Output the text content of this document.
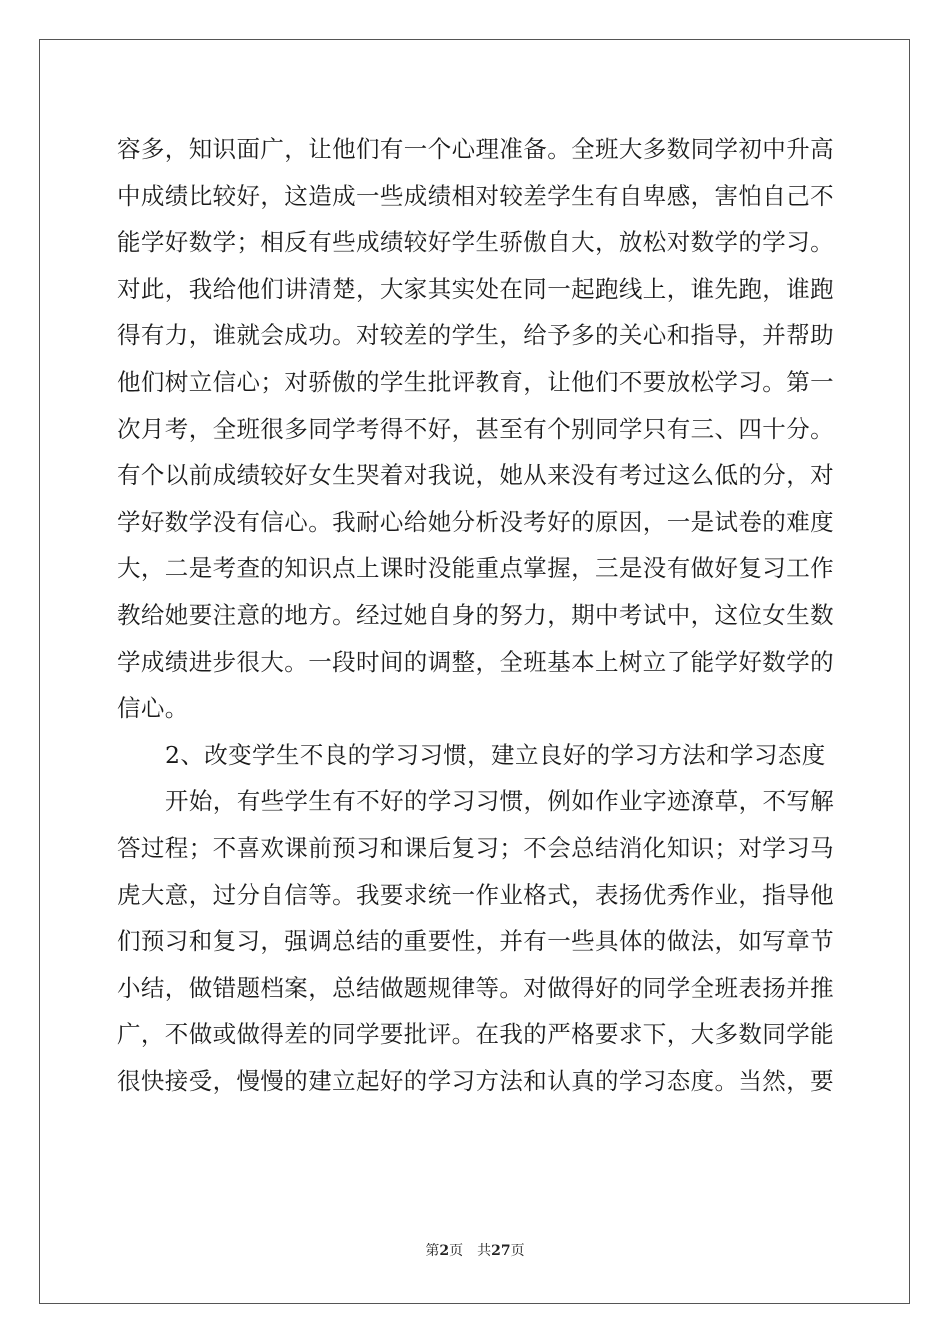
容多，知识面广，让他们有一个心理准备。全班大多数同学初中升高
中成绩比较好，这造成一些成绩相对较差学生有自卑感，害怕自己不
能学好数学；相反有些成绩较好学生骄傲自大，放松对数学的学习。
对此，我给他们讲清楚，大家其实处在同一起跑线上，谁先跑，谁跑
得有力，谁就会成功。对较差的学生，给予多的关心和指导，并帮助
他们树立信心；对骄傲的学生批评教育，让他们不要放松学习。第一
次月考，全班很多同学考得不好，甚至有个别同学只有三、四十分。
有个以前成绩较好女生哭着对我说，她从来没有考过这么低的分，对
学好数学没有信心。我耐心给她分析没考好的原因，一是试卷的难度
大，二是考查的知识点上课时没能重点掌握，三是没有做好复习工作
教给她要注意的地方。经过她自身的努力，期中考试中，这位女生数
学成绩进步很大。一段时间的调整，全班基本上树立了能学好数学的
信心。
2、改变学生不良的学习习惯，建立良好的学习方法和学习态度
开始，有些学生有不好的学习习惯，例如作业字迹潦草，不写解
答过程；不喜欢课前预习和课后复习；不会总结消化知识；对学习马
虎大意，过分自信等。我要求统一作业格式，表扬优秀作业，指导他
们预习和复习，强调总结的重要性，并有一些具体的做法，如写章节
小结，做错题档案，总结做题规律等。对做得好的同学全班表扬并推
广，不做或做得差的同学要批评。在我的严格要求下，大多数同学能
很快接受，慢慢的建立起好的学习方法和认真的学习态度。当然，要
第2页　共27页
